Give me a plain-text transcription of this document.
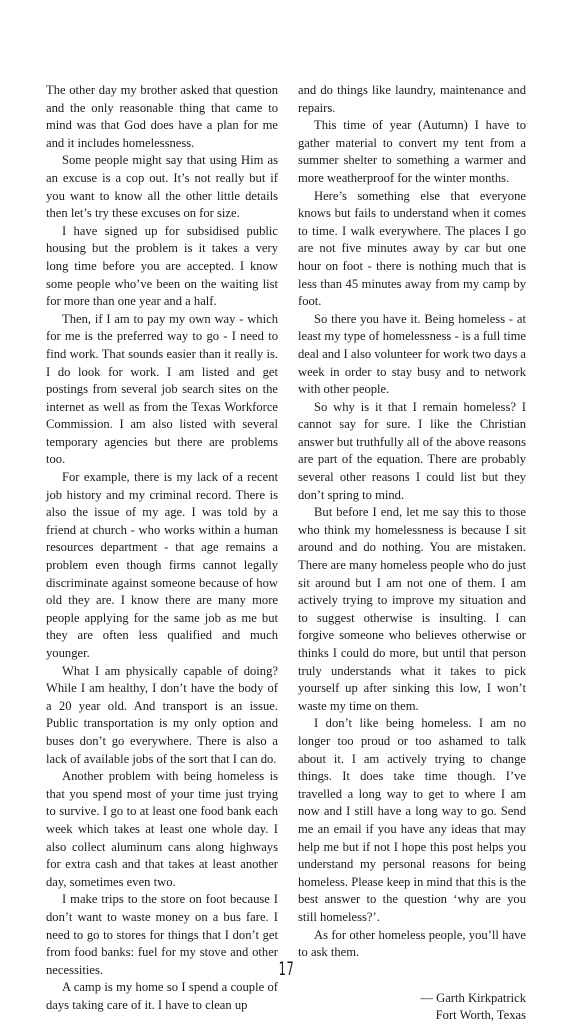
The other day my brother asked that question and the only reasonable thing that came to mind was that God does have a plan for me and it includes homelessness.

Some people might say that using Him as an excuse is a cop out. It’s not really but if you want to know all the other little details then let’s try these excuses on for size.

I have signed up for subsidised public housing but the problem is it takes a very long time before you are accepted. I know some people who’ve been on the waiting list for more than one year and a half.

Then, if I am to pay my own way - which for me is the preferred way to go - I need to find work. That sounds easier than it really is. I do look for work. I am listed and get postings from several job search sites on the internet as well as from the Texas Workforce Commission. I am also listed with several temporary agencies but there are problems too.

For example, there is my lack of a recent job history and my criminal record. There is also the issue of my age. I was told by a friend at church - who works within a human resources department - that age remains a problem even though firms cannot legally discriminate against someone because of how old they are. I know there are many more people applying for the same job as me but they are often less qualified and much younger.

What I am physically capable of doing? While I am healthy, I don’t have the body of a 20 year old. And transport is an issue. Public transportation is my only option and buses don’t go everywhere. There is also a lack of available jobs of the sort that I can do.

Another problem with being homeless is that you spend most of your time just trying to survive. I go to at least one food bank each week which takes at least one whole day. I also collect aluminum cans along highways for extra cash and that takes at least another day, sometimes even two.

I make trips to the store on foot because I don’t want to waste money on a bus fare. I need to go to stores for things that I don’t get from food banks: fuel for my stove and other necessities.

A camp is my home so I spend a couple of days taking care of it. I have to clean up

and do things like laundry, maintenance and repairs.

This time of year (Autumn) I have to gather material to convert my tent from a summer shelter to something a warmer and more weatherproof for the winter months.

Here’s something else that everyone knows but fails to understand when it comes to time. I walk everywhere. The places I go are not five minutes away by car but one hour on foot - there is nothing much that is less than 45 minutes away from my camp by foot.

So there you have it. Being homeless - at least my type of homelessness - is a full time deal and I also volunteer for work two days a week in order to stay busy and to network with other people.

So why is it that I remain homeless? I cannot say for sure. I like the Christian answer but truthfully all of the above reasons are part of the equation. There are probably several other reasons I could list but they don’t spring to mind.

But before I end, let me say this to those who think my homelessness is because I sit around and do nothing. You are mistaken. There are many homeless people who do just sit around but I am not one of them. I am actively trying to improve my situation and to suggest otherwise is insulting. I can forgive someone who believes otherwise or thinks I could do more, but until that person truly understands what it takes to pick yourself up after sinking this low, I won’t waste my time on them.

I don’t like being homeless. I am no longer too proud or too ashamed to talk about it. I am actively trying to change things. It does take time though. I’ve travelled a long way to get to where I am now and I still have a long way to go. Send me an email if you have any ideas that may help me but if not I hope this post helps you understand my personal reasons for being homeless. Please keep in mind that this is the best answer to the question ‘why are you still homeless?’.

As for other homeless people, you’ll have to ask them.

— Garth Kirkpatrick
Fort Worth, Texas
17
